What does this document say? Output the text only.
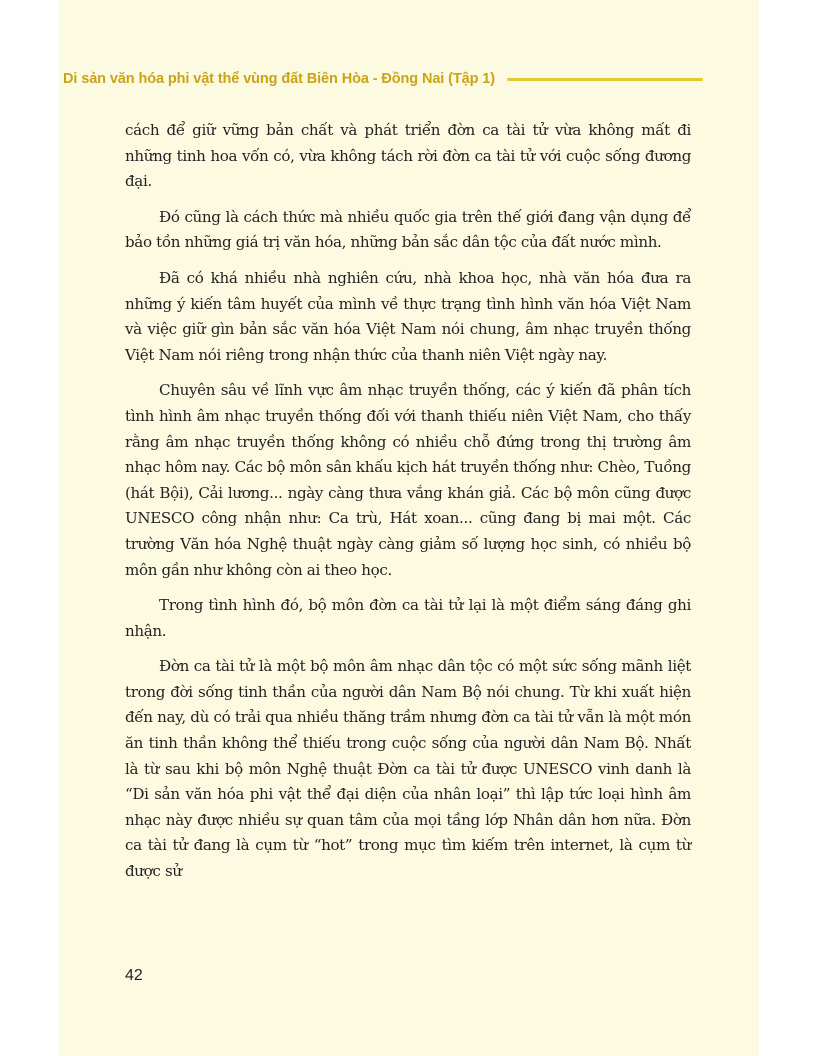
Di sản văn hóa phi vật thể vùng đất Biên Hòa - Đồng Nai (Tập 1)

cách để giữ vững bản chất và phát triển đờn ca tài tử vừa không mất đi những tinh hoa vốn có, vừa không tách rời đờn ca tài tử với cuộc sống đương đại.

Đó cũng là cách thức mà nhiều quốc gia trên thế giới đang vận dụng để bảo tồn những giá trị văn hóa, những bản sắc dân tộc của đất nước mình.

Đã có khá nhiều nhà nghiên cứu, nhà khoa học, nhà văn hóa đưa ra những ý kiến tâm huyết của mình về thực trạng tình hình văn hóa Việt Nam và việc giữ gìn bản sắc văn hóa Việt Nam nói chung, âm nhạc truyền thống Việt Nam nói riêng trong nhận thức của thanh niên Việt ngày nay.

Chuyên sâu về lĩnh vực âm nhạc truyền thống, các ý kiến đã phân tích tình hình âm nhạc truyền thống đối với thanh thiếu niên Việt Nam, cho thấy rằng âm nhạc truyền thống không có nhiều chỗ đứng trong thị trường âm nhạc hôm nay. Các bộ môn sân khấu kịch hát truyền thống như: Chèo, Tuồng (hát Bội), Cải lương... ngày càng thưa vắng khán giả. Các bộ môn cũng được UNESCO công nhận như: Ca trù, Hát xoan... cũng đang bị mai một. Các trường Văn hóa Nghệ thuật ngày càng giảm số lượng học sinh, có nhiều bộ môn gần như không còn ai theo học.

Trong tình hình đó, bộ môn đờn ca tài tử lại là một điểm sáng đáng ghi nhận.

Đờn ca tài tử là một bộ môn âm nhạc dân tộc có một sức sống mãnh liệt trong đời sống tinh thần của người dân Nam Bộ nói chung. Từ khi xuất hiện đến nay, dù có trải qua nhiều thăng trầm nhưng đờn ca tài tử vẫn là một món ăn tinh thần không thể thiếu trong cuộc sống của người dân Nam Bộ. Nhất là từ sau khi bộ môn Nghệ thuật Đờn ca tài tử được UNESCO vinh danh là “Di sản văn hóa phi vật thể đại diện của nhân loại” thì lập tức loại hình âm nhạc này được nhiều sự quan tâm của mọi tầng lớp Nhân dân hơn nữa. Đờn ca tài tử đang là cụm từ “hot” trong mục tìm kiếm trên internet, là cụm từ được sử

42
